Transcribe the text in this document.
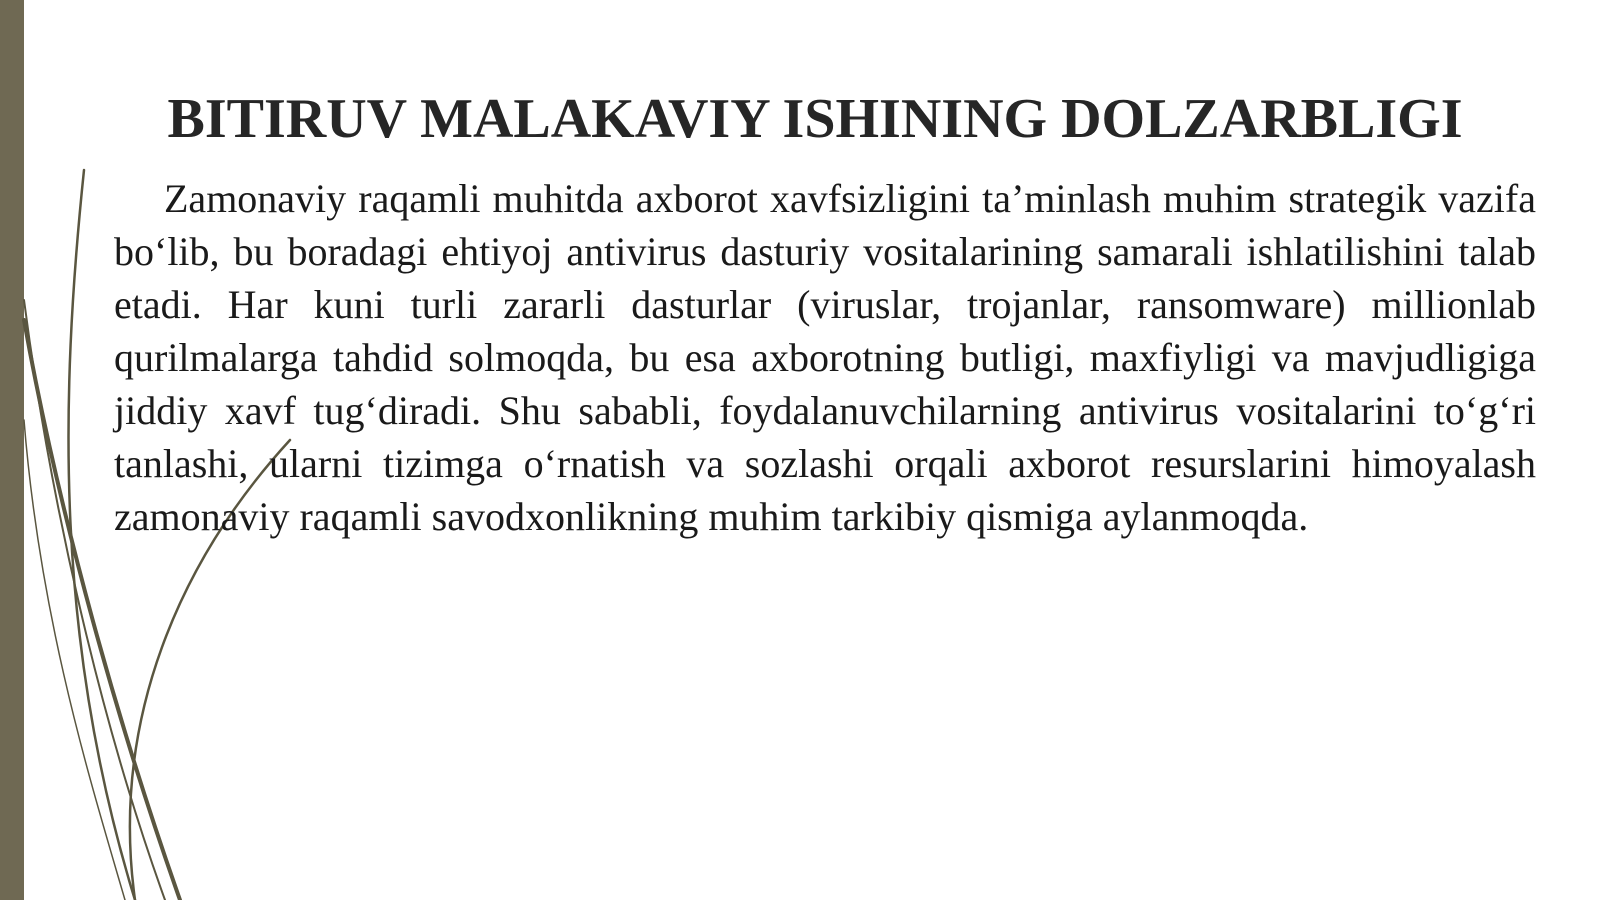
BITIRUV MALAKAVIY ISHINING DOLZARBLIGI

Zamonaviy raqamli muhitda axborot xavfsizligini ta’minlash muhim strategik vazifa bo‘lib, bu boradagi ehtiyoj antivirus dasturiy vositalarining samarali ishlatilishini talab etadi. Har kuni turli zararli dasturlar (viruslar, trojanlar, ransomware) millionlab qurilmalarga tahdid solmoqda, bu esa axborotning butligi, maxfiyligi va mavjudligiga jiddiy xavf tug‘diradi. Shu sababli, foydalanuvchilarning antivirus vositalarini to‘g‘ri tanlashi, ularni tizimga o‘rnatish va sozlashi orqali axborot resurslarini himoyalash zamonaviy raqamli savodxonlikning muhim tarkibiy qismiga aylanmoqda.
